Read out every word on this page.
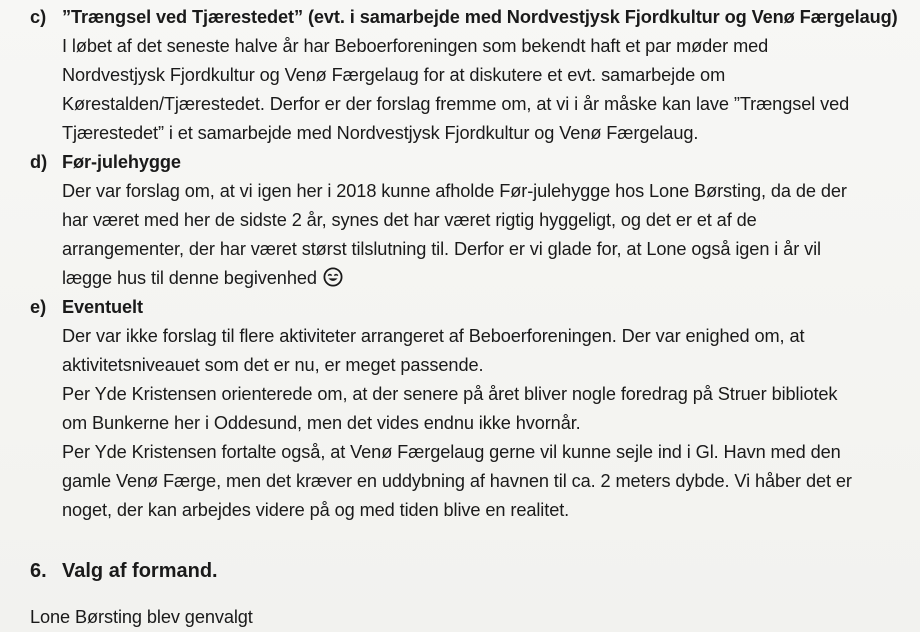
c) ”Trængsel ved Tjærestedet” (evt. i samarbejde med Nordvestjysk Fjordkultur og Venø Færgelaug)
I løbet af det seneste halve år har Beboerforeningen som bekendt haft et par møder med
Nordvestjysk Fjordkultur og Venø Færgelaug for at diskutere et evt. samarbejde om
Kørestalden/Tjærestedet. Derfor er der forslag fremme om, at vi i år måske kan lave ”Trængsel ved
Tjærestedet” i et samarbejde med Nordvestjysk Fjordkultur og Venø Færgelaug.
d) Før-julehygge
Der var forslag om, at vi igen her i 2018 kunne afholde Før-julehygge hos Lone Børsting, da de der
har været med her de sidste 2 år, synes det har været rigtig hyggeligt, og det er et af de
arrangementer, der har været størst tilslutning til. Derfor er vi glade for, at Lone også igen i år vil
lægge hus til denne begivenhed
e) Eventuelt
Der var ikke forslag til flere aktiviteter arrangeret af Beboerforeningen. Der var enighed om, at
aktivitetsniveauet som det er nu, er meget passende.
Per Yde Kristensen orienterede om, at der senere på året bliver nogle foredrag på Struer bibliotek
om Bunkerne her i Oddesund, men det vides endnu ikke hvornår.
Per Yde Kristensen fortalte også, at Venø Færgelaug gerne vil kunne sejle ind i Gl. Havn med den
gamle Venø Færge, men det kræver en uddybning af havnen til ca. 2 meters dybde. Vi håber det er
noget, der kan arbejdes videre på og med tiden blive en realitet.
6. Valg af formand.
Lone Børsting blev genvalgt
